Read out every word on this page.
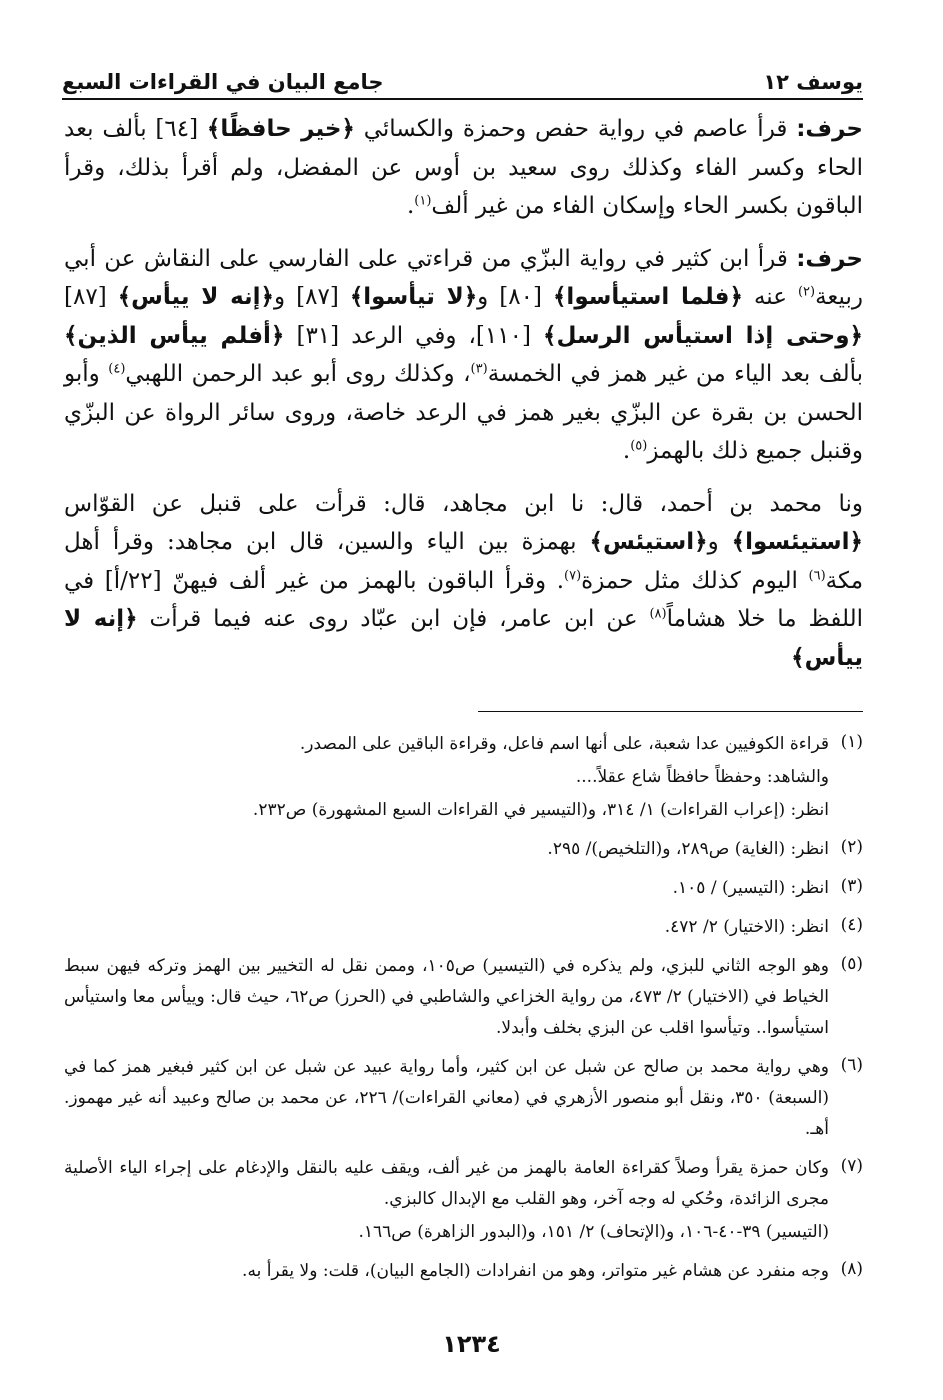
يوسف ١٢
جامع البيان في القراءات السبع

حرف: قرأ عاصم في رواية حفص وحمزة والكسائي ﴿خير حافظًا﴾ [٦٤] بألف بعد الحاء وكسر الفاء وكذلك روى سعيد بن أوس عن المفضل، ولم أقرأ بذلك، وقرأ الباقون بكسر الحاء وإسكان الفاء من غير ألف$^{(١)}$.

حرف: قرأ ابن كثير في رواية البزّي من قراءتي على الفارسي على النقاش عن أبي ربيعة$^{(٢)}$ عنه ﴿فلما استيأسوا﴾ [٨٠] و﴿لا تيأسوا﴾ [٨٧] و﴿إنه لا ييأس﴾ [٨٧] ﴿وحتى إذا استيأس الرسل﴾ [١١٠]، وفي الرعد [٣١] ﴿أفلم ييأس الذين﴾ بألف بعد الياء من غير همز في الخمسة$^{(٣)}$، وكذلك روى أبو عبد الرحمن اللهبي$^{(٤)}$ وأبو الحسن بن بقرة عن البزّي بغير همز في الرعد خاصة، وروى سائر الرواة عن البزّي وقنبل جميع ذلك بالهمز$^{(٥)}$.

ونا محمد بن أحمد، قال: نا ابن مجاهد، قال: قرأت على قنبل عن القوّاس ﴿استيئسوا﴾ و﴿استيئس﴾ بهمزة بين الياء والسين، قال ابن مجاهد: وقرأ أهل مكة$^{(٦)}$ اليوم كذلك مثل حمزة$^{(٧)}$. وقرأ الباقون بالهمز من غير ألف فيهنّ [٢٢/أ] في اللفظ ما خلا هشاماً$^{(٨)}$ عن ابن عامر، فإن ابن عبّاد روى عنه فيما قرأت ﴿إنه لا ييأس﴾

(١)
قراءة الكوفيين عدا شعبة، على أنها اسم فاعل، وقراءة الباقين على المصدر.
والشاهد: وحفظاً حافظاً شاع عقلاً....
انظر: (إعراب القراءات) ١/ ٣١٤، و(التيسير في القراءات السبع المشهورة) ص٢٣٢.
(٢)
انظر: (الغاية) ص٢٨٩، و(التلخيص)/ ٢٩٥.
(٣)
انظر: (التيسير) / ١٠٥.
(٤)
انظر: (الاختيار) ٢/ ٤٧٢.
(٥)
وهو الوجه الثاني للبزي، ولم يذكره في (التيسير) ص١٠٥، وممن نقل له التخيير بين الهمز وتركه فيهن سبط الخياط في (الاختيار) ٢/ ٤٧٣، من رواية الخزاعي والشاطبي في (الحرز) ص٦٢، حيث قال: وييأس معا واستيأس استيأسوا.. وتيأسوا اقلب عن البزي بخلف وأبدلا.
(٦)
وهي رواية محمد بن صالح عن شبل عن ابن كثير، وأما رواية عبيد عن شبل عن ابن كثير فبغير همز كما في (السبعة) ٣٥٠، ونقل أبو منصور الأزهري في (معاني القراءات)/ ٢٢٦، عن محمد بن صالح وعبيد أنه غير مهموز. أهـ.
(٧)
وكان حمزة يقرأ وصلاً كقراءة العامة بالهمز من غير ألف، ويقف عليه بالنقل والإدغام على إجراء الياء الأصلية مجرى الزائدة، وحُكي له وجه آخر، وهو القلب مع الإبدال كالبزي.
(التيسير) ٣٩-٤٠-١٠٦، و(الإتحاف) ٢/ ١٥١، و(البدور الزاهرة) ص١٦٦.
(٨)
وجه منفرد عن هشام غير متواتر، وهو من انفرادات (الجامع البيان)، قلت: ولا يقرأ به.
١٢٣٤
